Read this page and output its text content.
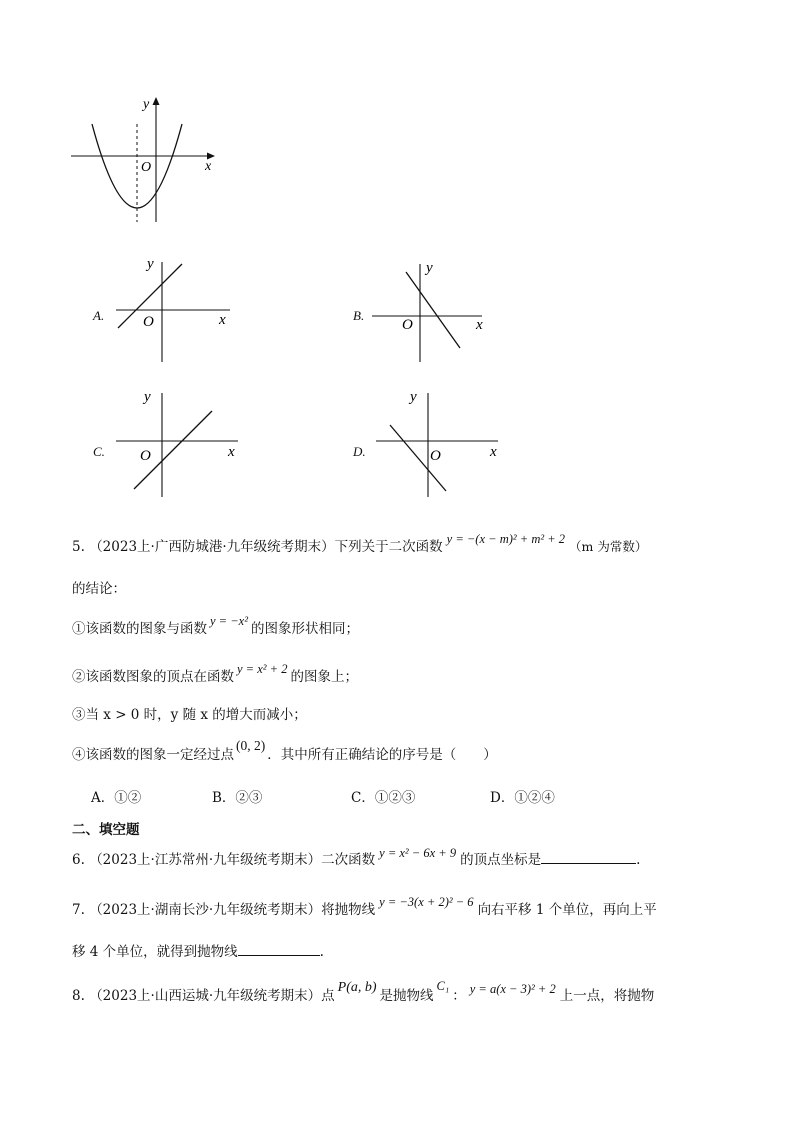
y
O	x
A.
y
O	x	B.
y
O	x
C.
y
O	x	D.
y
O	x
5. （2023上·广西防城港·九年级统考期末）下列关于二次函数 y = −(x − m)² + m² + 2 （m 为常数）
的结论：
①该函数的图象与函数 y = −x² 的图象形状相同；
②该函数图象的顶点在函数 y = x² + 2 的图象上；
③当 x > 0 时，y 随 x 的增大而减小；
④该函数的图象一定经过点(0, 2)．其中所有正确结论的序号是（　　）
A．①②	B．②③	C．①②③	D．①②④
二、填空题
6. （2023上·江苏常州·九年级统考期末）二次函数 y = x² − 6x + 9 的顶点坐标是	.
7. （2023上·湖南长沙·九年级统考期末）将抛物线 y = −3(x + 2)² − 6 向右平移 1 个单位，再向上平
移 4 个单位，就得到抛物线	.
8. （2023上·山西运城·九年级统考期末）点P(a, b)是抛物线C₁： y = a(x − 3)² + 2 上一点，将抛物
